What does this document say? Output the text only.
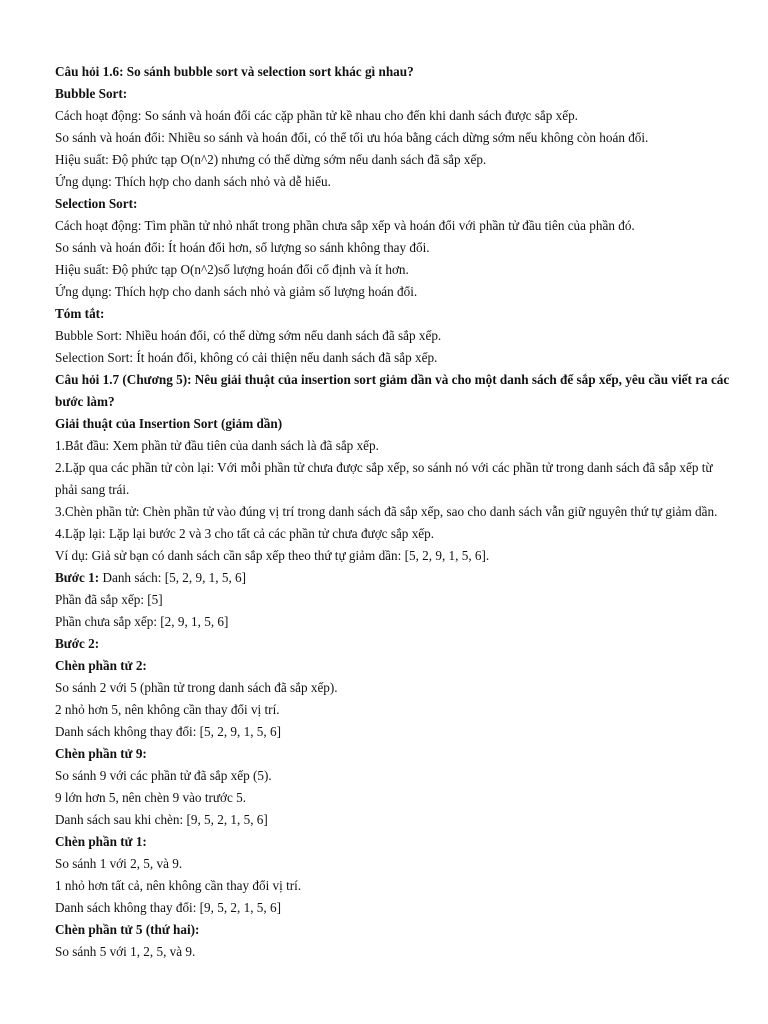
Câu hỏi 1.6: So sánh bubble sort và selection sort khác gì nhau?

Bubble Sort:

Cách hoạt động: So sánh và hoán đổi các cặp phần tử kề nhau cho đến khi danh sách được sắp xếp.

So sánh và hoán đổi: Nhiều so sánh và hoán đổi, có thể tối ưu hóa bằng cách dừng sớm nếu không còn hoán đổi.

Hiệu suất: Độ phức tạp O(n^2) nhưng có thể dừng sớm nếu danh sách đã sắp xếp.

Ứng dụng: Thích hợp cho danh sách nhỏ và dễ hiểu.

Selection Sort:

Cách hoạt động: Tìm phần tử nhỏ nhất trong phần chưa sắp xếp và hoán đổi với phần tử đầu tiên của phần đó.

So sánh và hoán đổi: Ít hoán đổi hơn, số lượng so sánh không thay đổi.

Hiệu suất: Độ phức tạp O(n^2)số lượng hoán đổi cố định và ít hơn.

Ứng dụng: Thích hợp cho danh sách nhỏ và giảm số lượng hoán đổi.

Tóm tắt:

Bubble Sort: Nhiều hoán đổi, có thể dừng sớm nếu danh sách đã sắp xếp.

Selection Sort: Ít hoán đổi, không có cải thiện nếu danh sách đã sắp xếp.

Câu hỏi 1.7 (Chương 5): Nêu giải thuật của insertion sort giảm dần và cho một danh sách để sắp xếp, yêu cầu viết ra các bước làm?

Giải thuật của Insertion Sort (giảm dần)

1.Bắt đầu: Xem phần tử đầu tiên của danh sách là đã sắp xếp.

2.Lặp qua các phần tử còn lại: Với mỗi phần tử chưa được sắp xếp, so sánh nó với các phần tử trong danh sách đã sắp xếp từ phải sang trái.

3.Chèn phần tử: Chèn phần tử vào đúng vị trí trong danh sách đã sắp xếp, sao cho danh sách vẫn giữ nguyên thứ tự giảm dần.

4.Lặp lại: Lặp lại bước 2 và 3 cho tất cả các phần tử chưa được sắp xếp.

Ví dụ: Giả sử bạn có danh sách cần sắp xếp theo thứ tự giảm dần: [5, 2, 9, 1, 5, 6].

Bước 1: Danh sách: [5, 2, 9, 1, 5, 6]

Phần đã sắp xếp: [5]

Phần chưa sắp xếp: [2, 9, 1, 5, 6]

Bước 2:

Chèn phần tử 2:

So sánh 2 với 5 (phần tử trong danh sách đã sắp xếp).

2 nhỏ hơn 5, nên không cần thay đổi vị trí.

Danh sách không thay đổi: [5, 2, 9, 1, 5, 6]

Chèn phần tử 9:

So sánh 9 với các phần tử đã sắp xếp (5).

9 lớn hơn 5, nên chèn 9 vào trước 5.

Danh sách sau khi chèn: [9, 5, 2, 1, 5, 6]

Chèn phần tử 1:

So sánh 1 với 2, 5, và 9.

1 nhỏ hơn tất cả, nên không cần thay đổi vị trí.

Danh sách không thay đổi: [9, 5, 2, 1, 5, 6]

Chèn phần tử 5 (thứ hai):

So sánh 5 với 1, 2, 5, và 9.
